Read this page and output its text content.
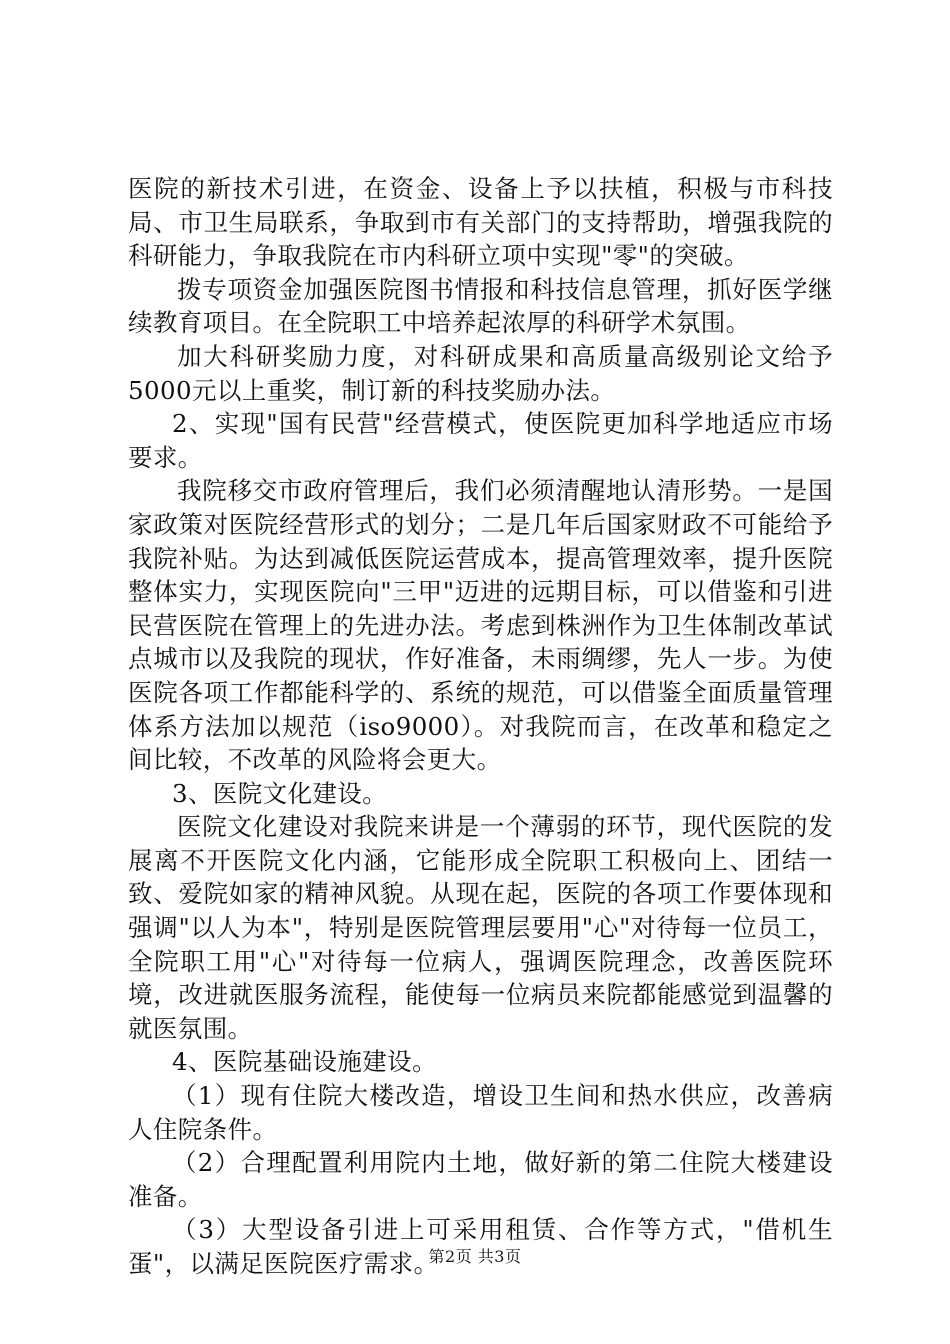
医院的新技术引进，在资金、设备上予以扶植，积极与市科技局、市卫生局联系，争取到市有关部门的支持帮助，增强我院的科研能力，争取我院在市内科研立项中实现"零"的突破。

拨专项资金加强医院图书情报和科技信息管理，抓好医学继续教育项目。在全院职工中培养起浓厚的科研学术氛围。

加大科研奖励力度，对科研成果和高质量高级别论文给予5000元以上重奖，制订新的科技奖励办法。

2、实现"国有民营"经营模式，使医院更加科学地适应市场要求。

我院移交市政府管理后，我们必须清醒地认清形势。一是国家政策对医院经营形式的划分；二是几年后国家财政不可能给予我院补贴。为达到减低医院运营成本，提高管理效率，提升医院整体实力，实现医院向"三甲"迈进的远期目标，可以借鉴和引进民营医院在管理上的先进办法。考虑到株洲作为卫生体制改革试点城市以及我院的现状，作好准备，未雨绸缪，先人一步。为使医院各项工作都能科学的、系统的规范，可以借鉴全面质量管理体系方法加以规范（iso9000）。对我院而言，在改革和稳定之间比较，不改革的风险将会更大。

3、医院文化建设。

医院文化建设对我院来讲是一个薄弱的环节，现代医院的发展离不开医院文化内涵，它能形成全院职工积极向上、团结一致、爱院如家的精神风貌。从现在起，医院的各项工作要体现和强调"以人为本"，特别是医院管理层要用"心"对待每一位员工，全院职工用"心"对待每一位病人，强调医院理念，改善医院环境，改进就医服务流程，能使每一位病员来院都能感觉到温馨的就医氛围。

4、医院基础设施建设。

（1）现有住院大楼改造，增设卫生间和热水供应，改善病人住院条件。

（2）合理配置利用院内土地，做好新的第二住院大楼建设准备。

（3）大型设备引进上可采用租赁、合作等方式，"借机生蛋"，以满足医院医疗需求。

第2页 共3页
